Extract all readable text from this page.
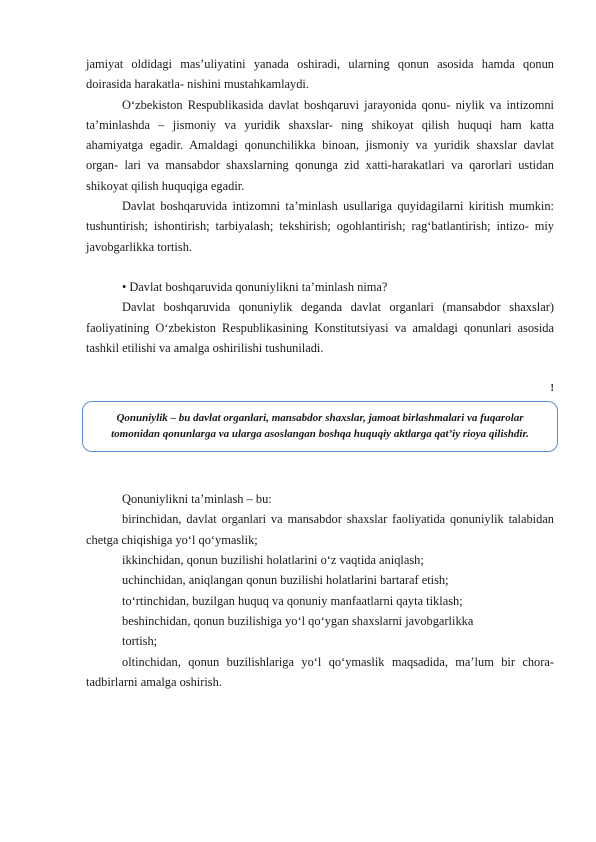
jamiyat oldidagi mas’uliyatini yanada oshiradi, ularning qonun asosida hamda qonun doirasida harakatla- nishini mustahkamlaydi.

O‘zbekiston Respublikasida davlat boshqaruvi jarayonida qonu- niylik va intizomni ta’minlashda – jismoniy va yuridik shaxslar- ning shikoyat qilish huquqi ham katta ahamiyatga egadir. Amaldagi qonunchilikka binoan, jismoniy va yuridik shaxslar davlat organ- lari va mansabdor shaxslarning qonunga zid xatti-harakatlari va qarorlari ustidan shikoyat qilish huquqiga egadir.

Davlat boshqaruvida intizomni ta’minlash usullariga quyidagilarni kiritish mumkin: tushuntirish; ishontirish; tarbiyalash; tekshirish; ogohlantirish; rag‘batlantirish; intizo- miy javobgarlikka tortish.

• Davlat boshqaruvida qonuniylikni ta’minlash nima?

Davlat boshqaruvida qonuniylik deganda davlat organlari (mansabdor shaxslar) faoliyatining O‘zbekiston Respublikasining Konstitutsiyasi va amaldagi qonunlari asosida tashkil etilishi va amalga oshirilishi tushuniladi.

!

Qonuniylik – bu davlat organlari, mansabdor shaxslar, jamoat birlashmalari va fuqarolar
tomonidan qonunlarga va ularga asoslangan boshqa huquqiy aktlarga qat’iy rioya qilishdir.

Qonuniylikni ta’minlash – bu:

birinchidan, davlat organlari va mansabdor shaxslar faoliyatida qonuniylik talabidan chetga chiqishiga yo‘l qo‘ymaslik;

ikkinchidan, qonun buzilishi holatlarini o‘z vaqtida aniqlash;

uchinchidan, aniqlangan qonun buzilishi holatlarini bartaraf etish;

to‘rtinchidan, buzilgan huquq va qonuniy manfaatlarni qayta tiklash;

beshinchidan, qonun buzilishiga yo‘l qo‘ygan shaxslarni javobgarlikka

tortish;

oltinchidan, qonun buzilishlariga yo‘l qo‘ymaslik maqsadida, ma’lum bir chora-tadbirlarni amalga oshirish.
